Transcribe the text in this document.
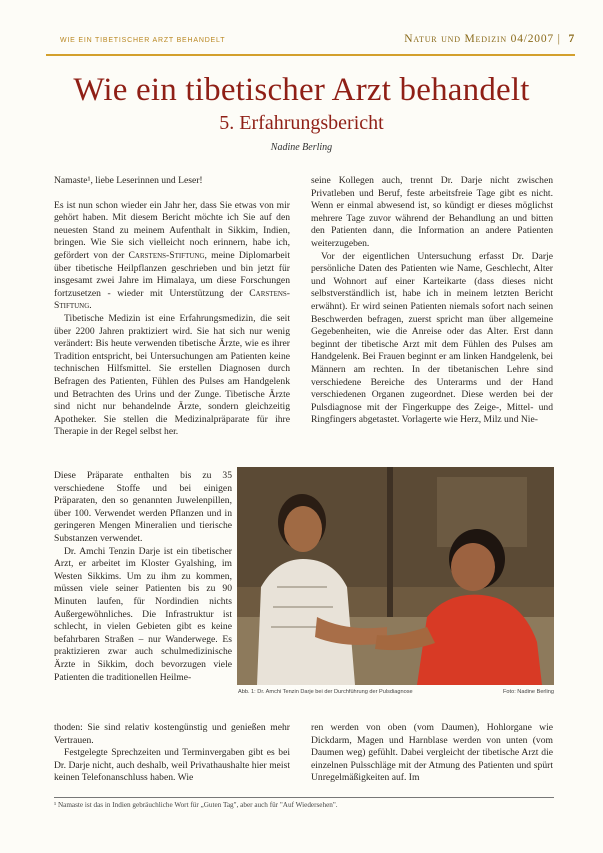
WIE EIN TIBETISCHER ARZT BEHANDELT	Natur und Medizin 04/2007 | 7
Wie ein tibetischer Arzt behandelt
5. Erfahrungsbericht
Nadine Berling

Namaste¹, liebe Leserinnen und Leser!

Es ist nun schon wieder ein Jahr her, dass Sie etwas von mir gehört haben. Mit diesem Bericht möchte ich Sie auf den neuesten Stand zu meinem Aufenthalt in Sikkim, Indien, bringen. Wie Sie sich vielleicht noch erinnern, habe ich, gefördert von der Carstens-Stiftung, meine Diplomarbeit über tibetische Heilpflanzen geschrieben und bin jetzt für insgesamt zwei Jahre im Himalaya, um diese Forschungen fortzusetzen - wieder mit Unterstützung der Carstens-Stiftung.

Tibetische Medizin ist eine Erfahrungsmedizin, die seit über 2200 Jahren praktiziert wird. Sie hat sich nur wenig verändert: Bis heute verwenden tibetische Ärzte, wie es ihrer Tradition entspricht, bei Untersuchungen am Patienten keine technischen Hilfsmittel. Sie erstellen Diagnosen durch Befragen des Patienten, Fühlen des Pulses am Handgelenk und Betrachten des Urins und der Zunge. Tibetische Ärzte sind nicht nur behandelnde Ärzte, sondern gleichzeitig Apotheker. Sie stellen die Medizinalpräparate für ihre Therapie in der Regel selbst her.

Diese Präparate enthalten bis zu 35 verschiedene Stoffe und bei einigen Präparaten, den so genannten Juwelenpillen, über 100. Verwendet werden Pflanzen und in geringeren Mengen Mineralien und tierische Substanzen verwendet.

Dr. Amchi Tenzin Darje ist ein tibetischer Arzt, er arbeitet im Kloster Gyalshing, im Westen Sikkims. Um zu ihm zu kommen, müssen viele seiner Patienten bis zu 90 Minuten laufen, für Nordindien nichts Außergewöhnliches. Die Infrastruktur ist schlecht, in vielen Gebieten gibt es keine befahrbaren Straßen – nur Wanderwege. Es praktizieren zwar auch schulmedizinische Ärzte in Sikkim, doch bevorzugen viele Patienten die traditionellen Heilme-

seine Kollegen auch, trennt Dr. Darje nicht zwischen Privatleben und Beruf, feste arbeitsfreie Tage gibt es nicht. Wenn er einmal abwesend ist, so kündigt er dieses möglichst mehrere Tage zuvor während der Behandlung an und bitten den Patienten dann, die Information an andere Patienten weiterzugeben.

Vor der eigentlichen Untersuchung erfasst Dr. Darje persönliche Daten des Patienten wie Name, Geschlecht, Alter und Wohnort auf einer Karteikarte (dass dieses nicht selbstverständlich ist, habe ich in meinem letzten Bericht erwähnt). Er wird seinen Patienten niemals sofort nach seinen Beschwerden befragen, zuerst spricht man über allgemeine Gegebenheiten, wie die Anreise oder das Alter. Erst dann beginnt der tibetische Arzt mit dem Fühlen des Pulses am Handgelenk. Bei Frauen beginnt er am linken Handgelenk, bei Männern am rechten. In der tibetanischen Lehre sind verschiedene Bereiche des Unterarms und der Hand verschiedenen Organen zugeordnet. Diese werden bei der Pulsdiagnose mit der Fingerkuppe des Zeige-, Mittel- und Ringfingers abgetastet. Vorlagerte wie Herz, Milz und Nie-

Abb. 1: Dr. Amchi Tenzin Darje bei der Durchführung der Pulsdiagnose	Foto: Nadine Berling

thoden: Sie sind relativ kostengünstig und genießen mehr Vertrauen.

Festgelegte Sprechzeiten und Terminvergaben gibt es bei Dr. Darje nicht, auch deshalb, weil Privathaushalte hier meist keinen Telefonanschluss haben. Wie

ren werden von oben (vom Daumen), Hohlorgane wie Dickdarm, Magen und Harnblase werden von unten (vom Daumen weg) gefühlt. Dabei vergleicht der tibetische Arzt die einzelnen Pulsschläge mit der Atmung des Patienten und spürt Unregelmäßigkeiten auf. Im

¹ Namaste ist das in Indien gebräuchliche Wort für „Guten Tag", aber auch für "Auf Wiedersehen".
